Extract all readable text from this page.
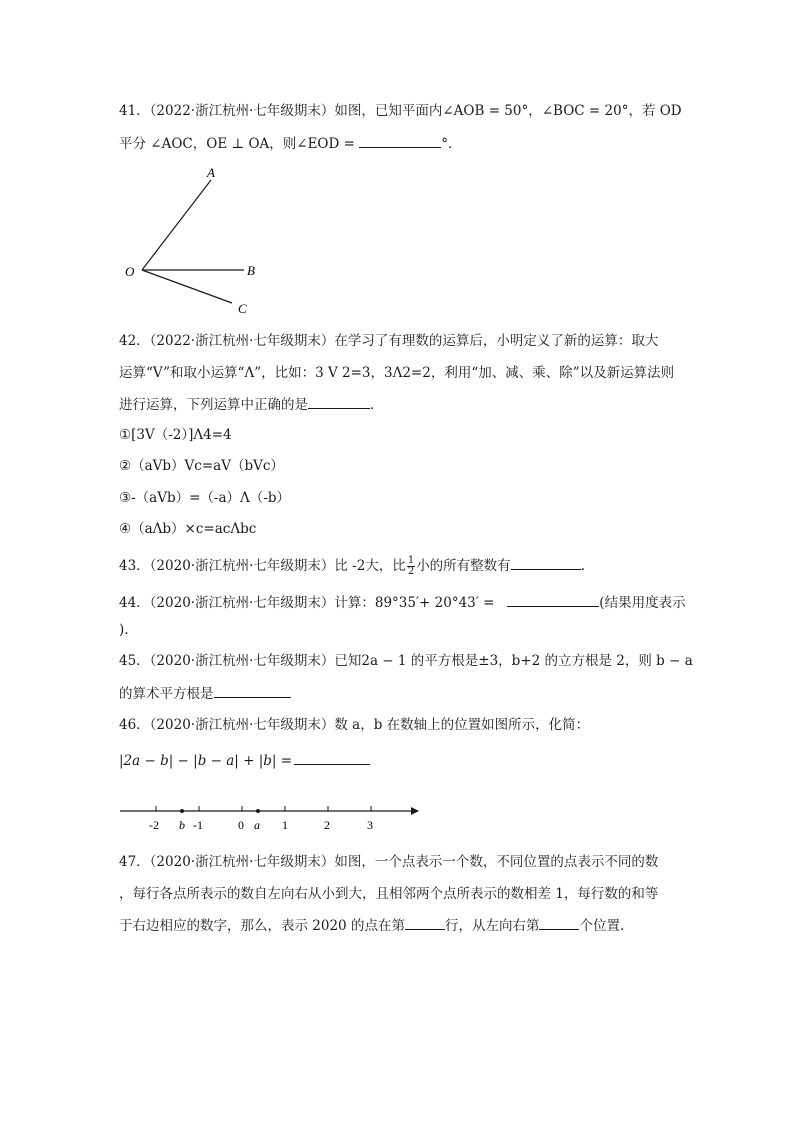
41．（2022·浙江杭州·七年级期末）如图，已知平面内∠AOB = 50°，∠BOC = 20°，若 OD
平分 ∠AOC，OE ⊥ OA，则∠EOD =	°．
A
O	B
C
42．（2022·浙江杭州·七年级期末）在学习了有理数的运算后，小明定义了新的运算：取大
运算“V”和取小运算“Λ”，比如：3 V 2=3，3Λ2=2，利用“加、减、乘、除”以及新运算法则
进行运算，下列运算中正确的是	．
①[3V（-2）]Λ4=4
②（aVb）Vc=aV（bVc）
③-（aVb）=（-a）Λ（-b）
④（aΛb）×c=acΛbc
43．（2020·浙江杭州·七年级期末）比 -2大，比 $\frac{1}{2}$ 小的所有整数有	.
44．（2020·浙江杭州·七年级期末）计算：89°35′+ 20°43′ =	(结果用度表示
).
45．（2020·浙江杭州·七年级期末）已知2a − 1 的平方根是±3，b+2 的立方根是 2，则 b − a
的算术平方根是
46．（2020·浙江杭州·七年级期末）数 a，b 在数轴上的位置如图所示，化简：
|2a − b| − |b − a| + |b| =
-2 b -1	0 a 1	2	3
47．（2020·浙江杭州·七年级期末）如图，一个点表示一个数，不同位置的点表示不同的数
，每行各点所表示的数自左向右从小到大，且相邻两个点所表示的数相差 1，每行数的和等
于右边相应的数字，那么，表示 2020 的点在第	行，从左向右第	个位置.
